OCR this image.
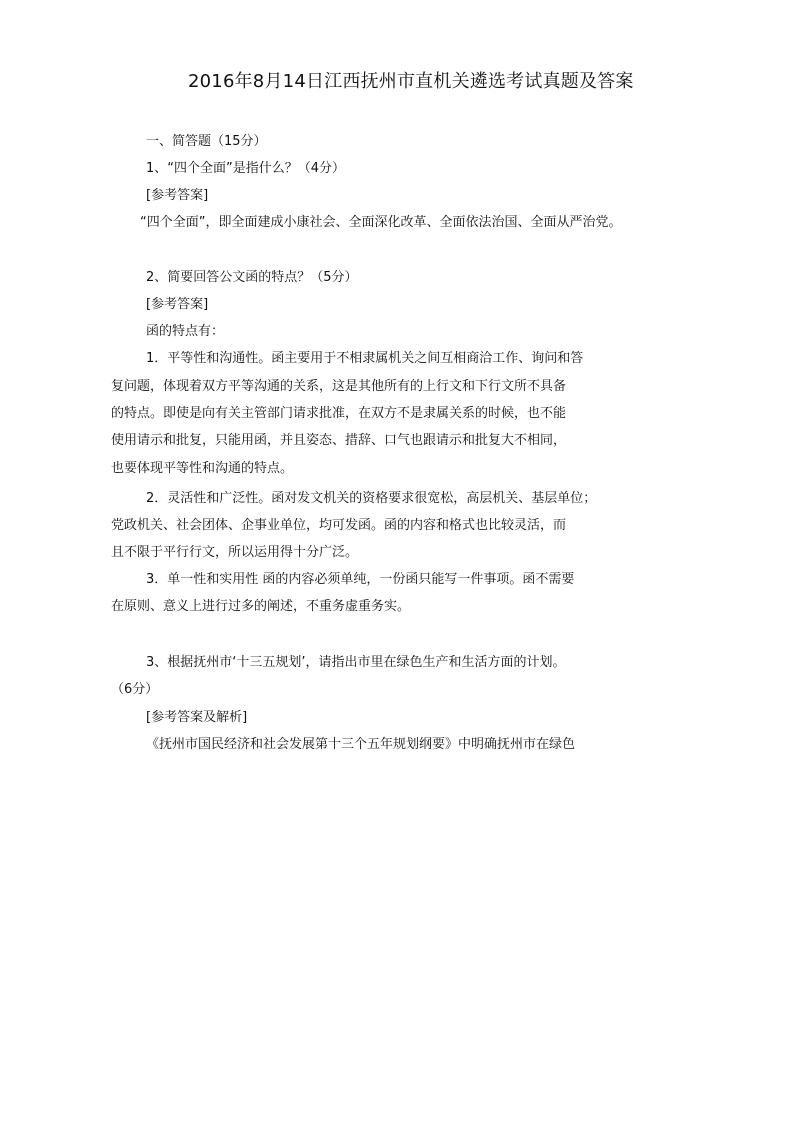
2016年8月14日江西抚州市直机关遴选考试真题及答案
一、简答题（15分）
1、“四个全面”是指什么？（4分）
[参考答案]
“四个全面”，即全面建成小康社会、全面深化改革、全面依法治国、全面从严治党。
2、简要回答公文函的特点？（5分）
[参考答案]
函的特点有：
1．平等性和沟通性。函主要用于不相隶属机关之间互相商洽工作、询问和答
复问题，体现着双方平等沟通的关系，这是其他所有的上行文和下行文所不具备
的特点。即使是向有关主管部门请求批准，在双方不是隶属关系的时候，也不能
使用请示和批复，只能用函，并且姿态、措辞、口气也跟请示和批复大不相同，
也要体现平等性和沟通的特点。
2．灵活性和广泛性。函对发文机关的资格要求很宽松，高层机关、基层单位；
党政机关、社会团体、企事业单位，均可发函。函的内容和格式也比较灵活，而
且不限于平行行文，所以运用得十分广泛。
3．单一性和实用性 函的内容必须单纯，一份函只能写一件事项。函不需要
在原则、意义上进行过多的阐述，不重务虚重务实。
3、根据抚州市‘十三五规划’，请指出市里在绿色生产和生活方面的计划。
（6分）
[参考答案及解析]
《抚州市国民经济和社会发展第十三个五年规划纲要》中明确抚州市在绿色
